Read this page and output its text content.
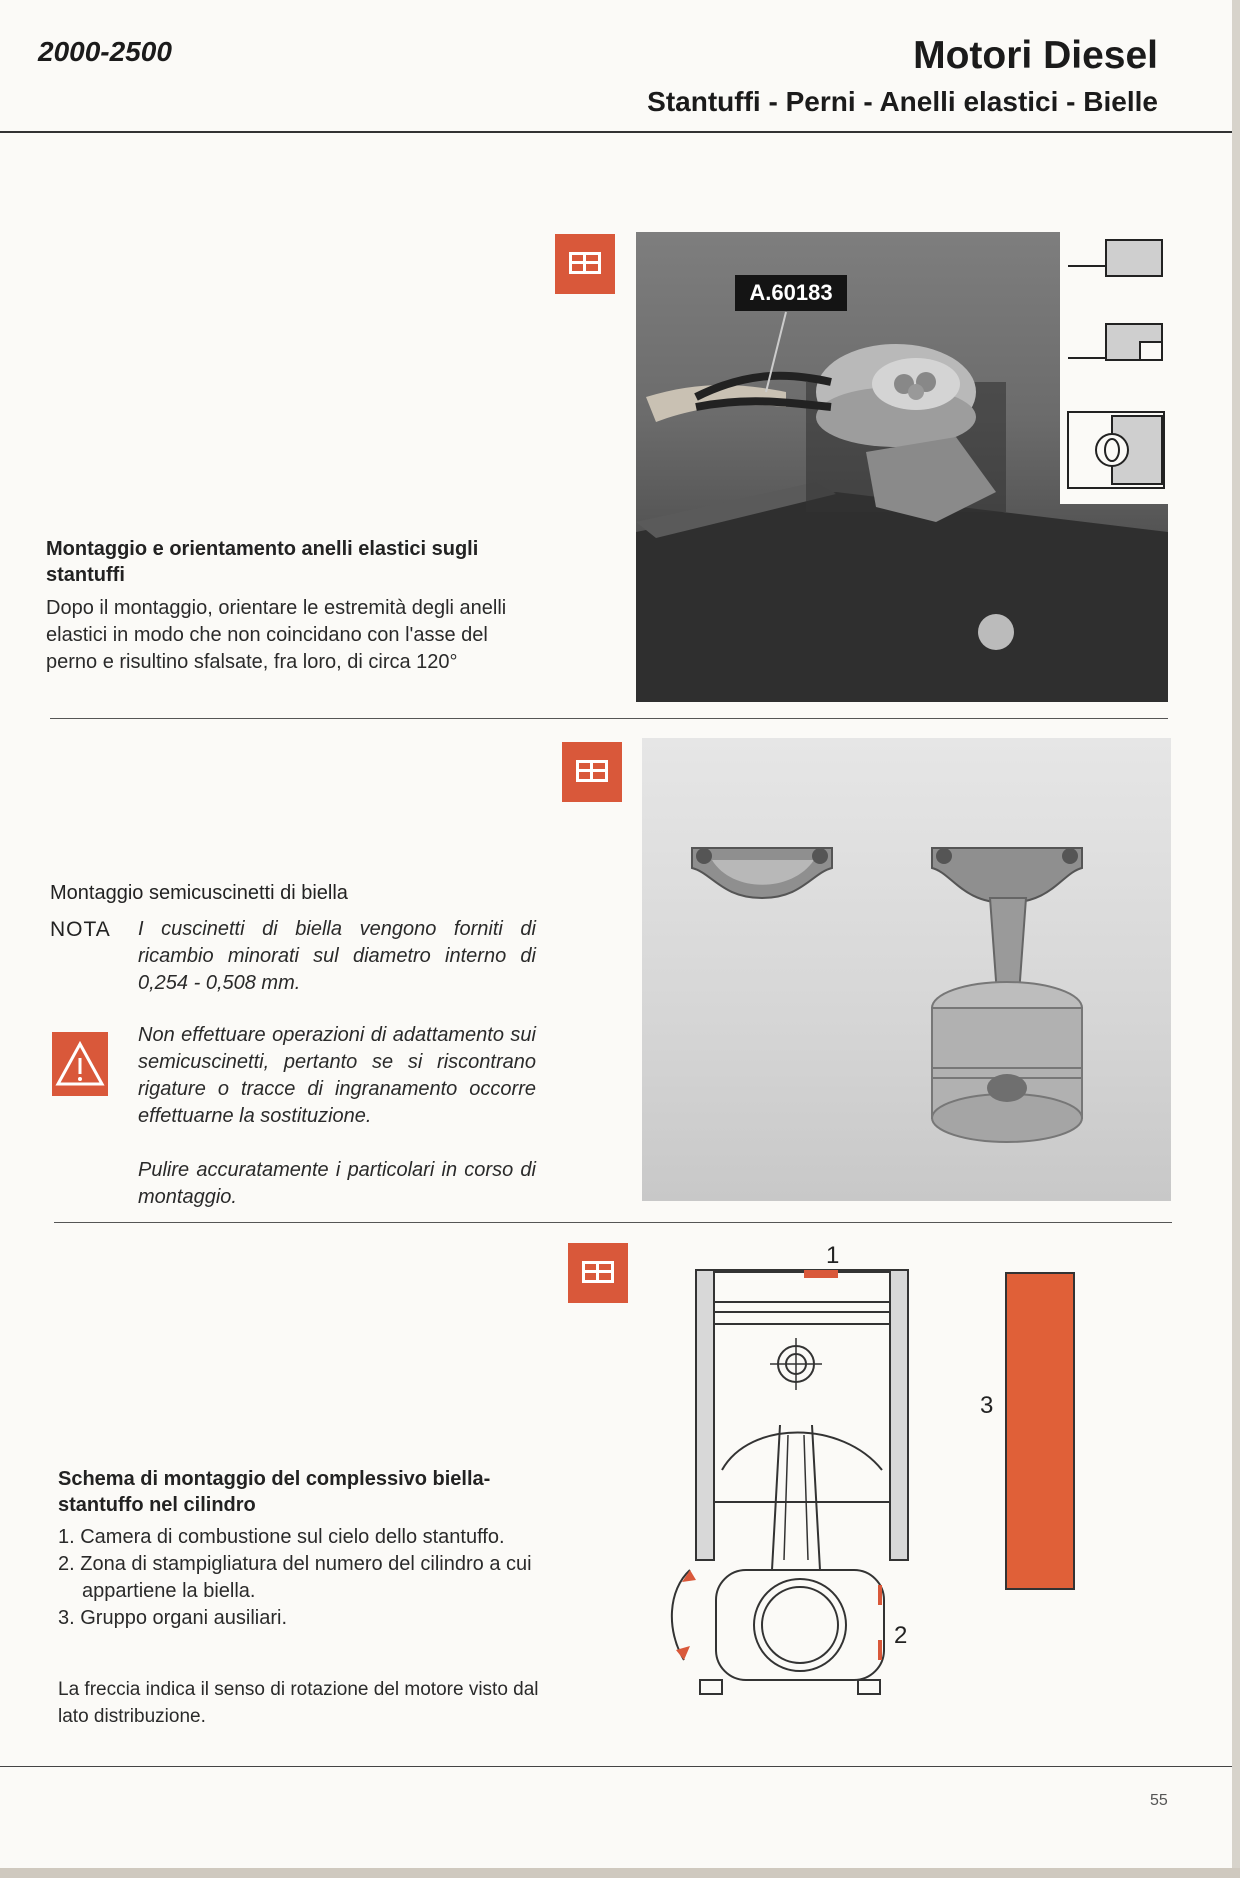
2000-2500	Motori Diesel
Stantuffi - Perni - Anelli elastici - Bielle
A.60183
Montaggio e orientamento anelli elastici sugli stantuffi
Dopo il montaggio, orientare le estremità degli anelli elastici in modo che non coincidano con l'asse del perno e risultino sfalsate, fra loro, di circa 120°
Montaggio semicuscinetti di biella
NOTA I cuscinetti di biella vengono forniti di ricambio minorati sul diametro interno di 0,254 - 0,508 mm.
Non effettuare operazioni di adattamento sui semicuscinetti, pertanto se si riscontrano rigature o tracce di ingranamento occorre effettuarne la sostituzione.
Pulire accuratamente i particolari in corso di montaggio.
1
2
3
Schema di montaggio del complessivo biella-stantuffo nel cilindro
1. Camera di combustione sul cielo dello stantuffo.
2. Zona di stampigliatura del numero del cilindro a cui appartiene la biella.
3. Gruppo organi ausiliari.
La freccia indica il senso di rotazione del motore visto dal lato distribuzione.
55
